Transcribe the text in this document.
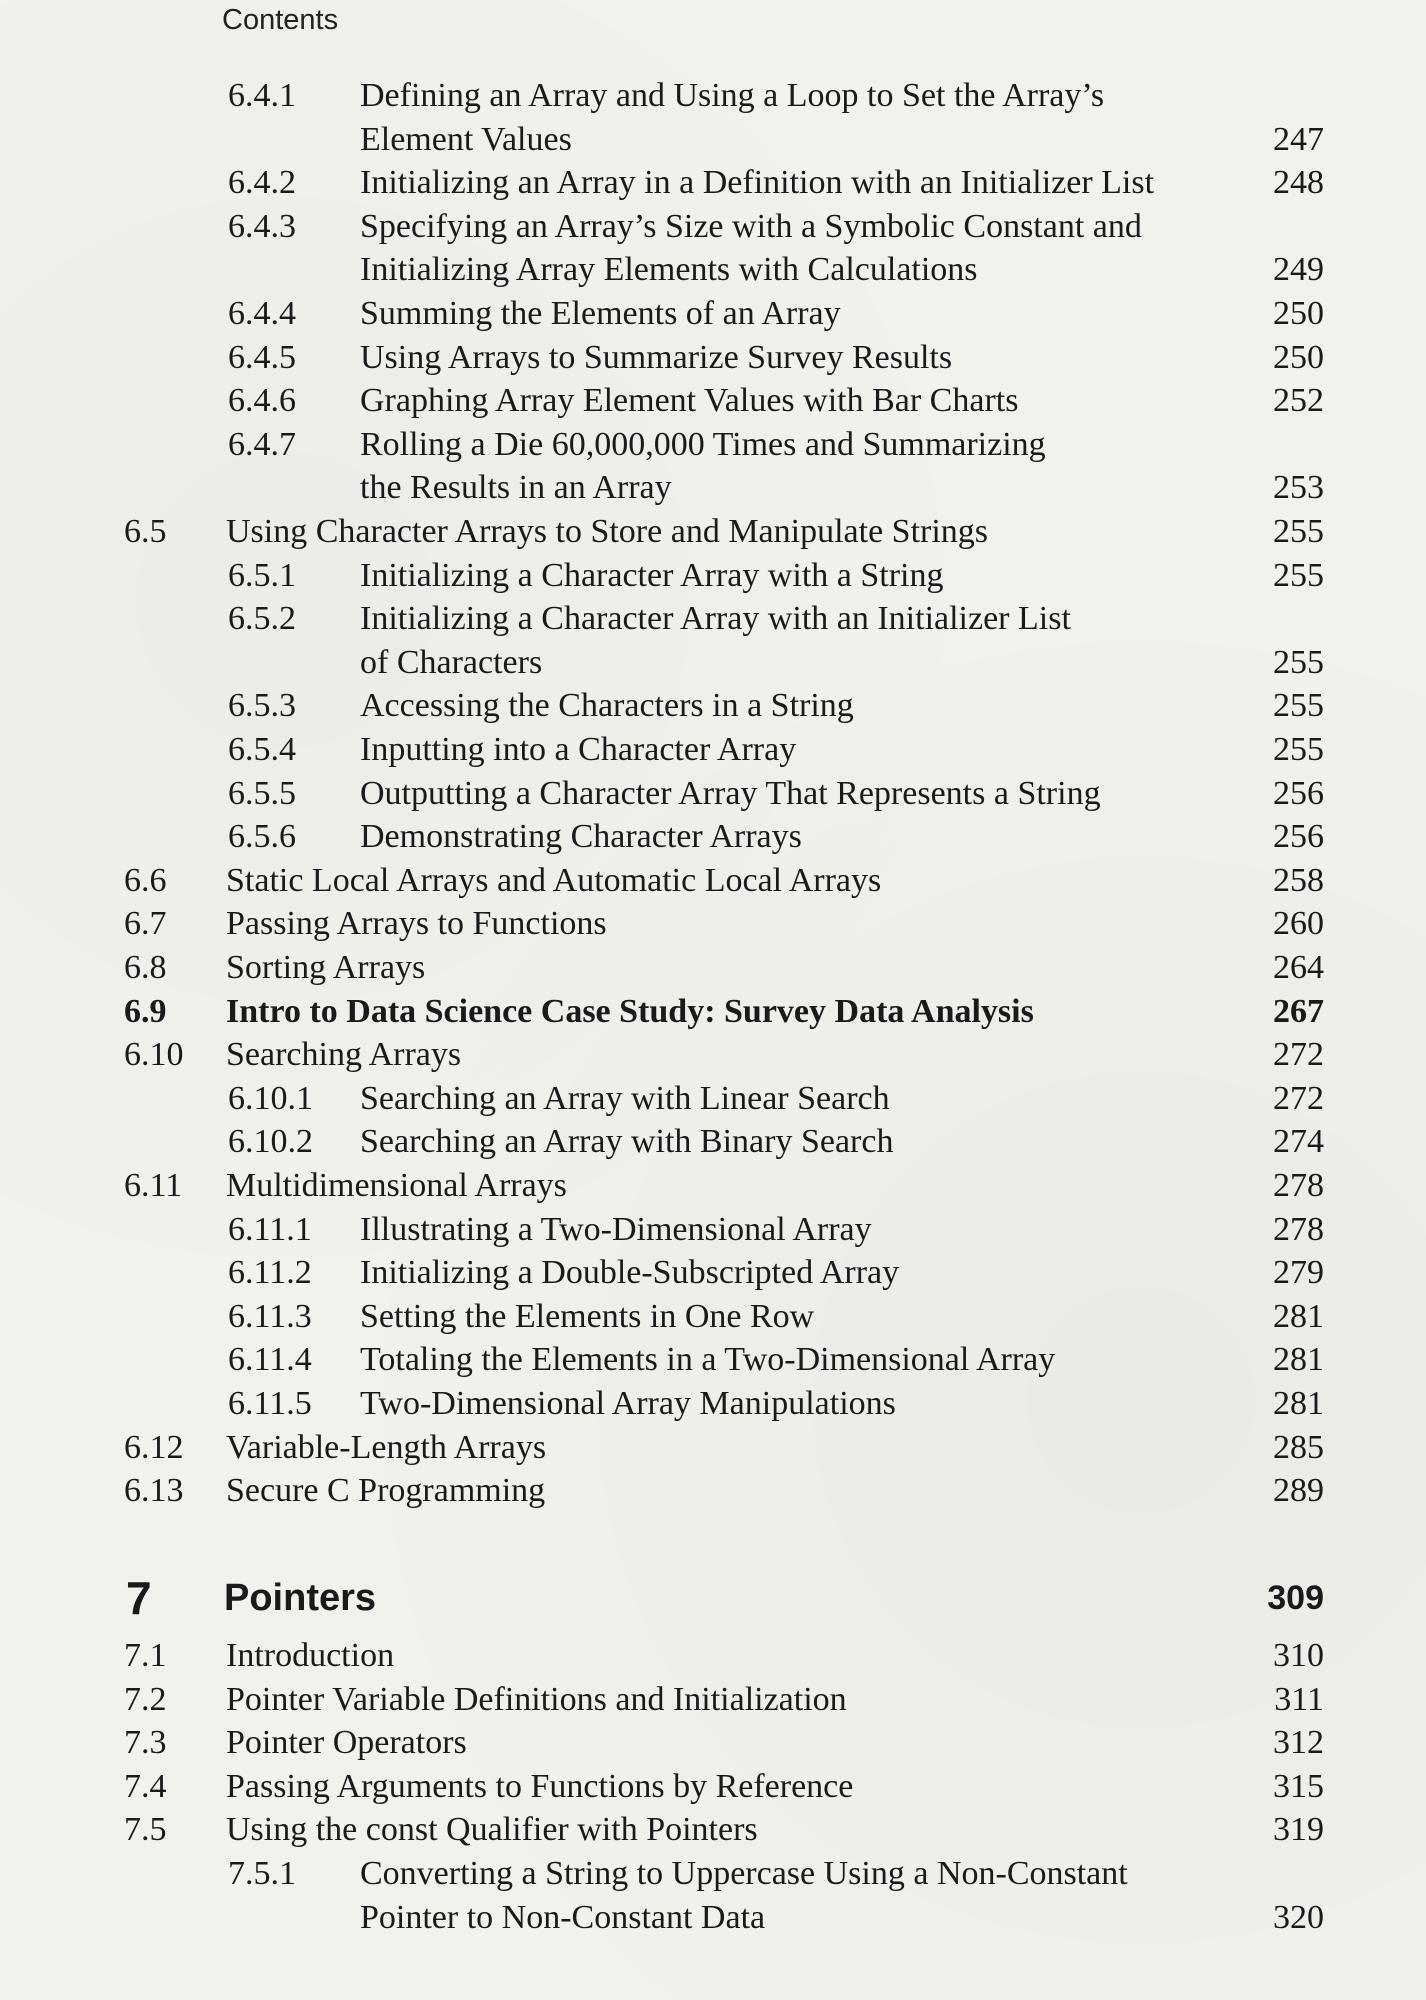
Contents
6.4.1 Defining an Array and Using a Loop to Set the Array’s
Element Values	247
6.4.2 Initializing an Array in a Definition with an Initializer List	248
6.4.3 Specifying an Array’s Size with a Symbolic Constant and
Initializing Array Elements with Calculations	249
6.4.4 Summing the Elements of an Array	250
6.4.5 Using Arrays to Summarize Survey Results	250
6.4.6 Graphing Array Element Values with Bar Charts	252
6.4.7 Rolling a Die 60,000,000 Times and Summarizing
the Results in an Array	253
6.5 Using Character Arrays to Store and Manipulate Strings	255
6.5.1 Initializing a Character Array with a String	255
6.5.2 Initializing a Character Array with an Initializer List
of Characters	255
6.5.3 Accessing the Characters in a String	255
6.5.4 Inputting into a Character Array	255
6.5.5 Outputting a Character Array That Represents a String	256
6.5.6 Demonstrating Character Arrays	256
6.6 Static Local Arrays and Automatic Local Arrays	258
6.7 Passing Arrays to Functions	260
6.8 Sorting Arrays	264
6.9 Intro to Data Science Case Study: Survey Data Analysis	267
6.10 Searching Arrays	272
6.10.1 Searching an Array with Linear Search	272
6.10.2 Searching an Array with Binary Search	274
6.11 Multidimensional Arrays	278
6.11.1 Illustrating a Two-Dimensional Array	278
6.11.2 Initializing a Double-Subscripted Array	279
6.11.3 Setting the Elements in One Row	281
6.11.4 Totaling the Elements in a Two-Dimensional Array	281
6.11.5 Two-Dimensional Array Manipulations	281
6.12 Variable-Length Arrays	285
6.13 Secure C Programming	289
7 Pointers	309
7.1 Introduction	310
7.2 Pointer Variable Definitions and Initialization	311
7.3 Pointer Operators	312
7.4 Passing Arguments to Functions by Reference	315
7.5 Using the const Qualifier with Pointers	319
7.5.1 Converting a String to Uppercase Using a Non-Constant
Pointer to Non-Constant Data	320
